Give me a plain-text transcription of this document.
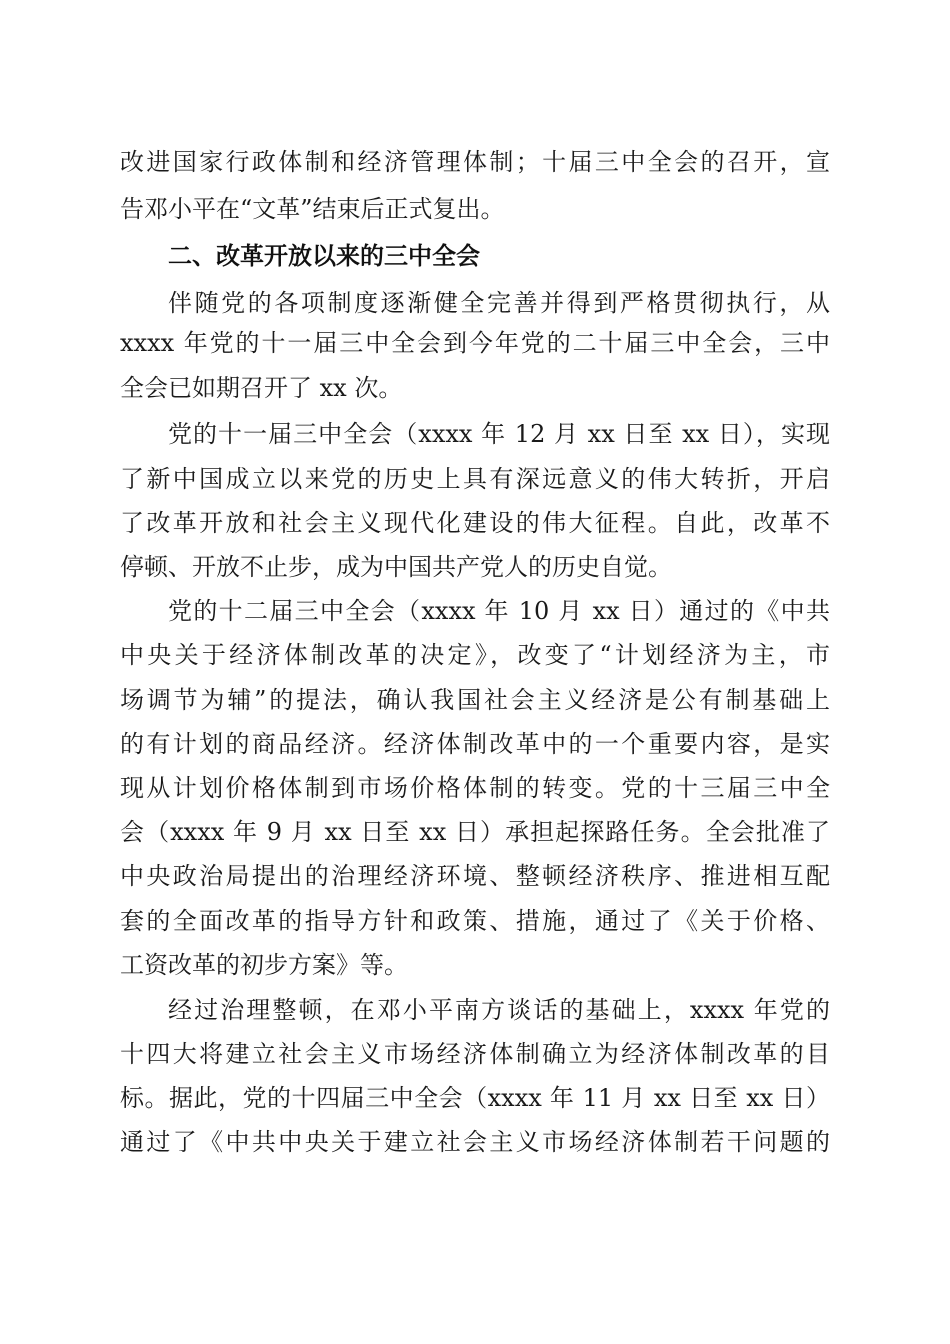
改进国家行政体制和经济管理体制；十届三中全会的召开，宣
告邓小平在“文革”结束后正式复出。
二、改革开放以来的三中全会
伴随党的各项制度逐渐健全完善并得到严格贯彻执行，从
xxxx 年党的十一届三中全会到今年党的二十届三中全会，三中
全会已如期召开了 xx 次。
党的十一届三中全会（xxxx 年 12 月 xx 日至 xx 日），实现
了新中国成立以来党的历史上具有深远意义的伟大转折，开启
了改革开放和社会主义现代化建设的伟大征程。自此，改革不
停顿、开放不止步，成为中国共产党人的历史自觉。
党的十二届三中全会（xxxx 年 10 月 xx 日）通过的《中共
中央关于经济体制改革的决定》，改变了“计划经济为主，市
场调节为辅”的提法，确认我国社会主义经济是公有制基础上
的有计划的商品经济。经济体制改革中的一个重要内容，是实
现从计划价格体制到市场价格体制的转变。党的十三届三中全
会（xxxx 年 9 月 xx 日至 xx 日）承担起探路任务。全会批准了
中央政治局提出的治理经济环境、整顿经济秩序、推进相互配
套的全面改革的指导方针和政策、措施，通过了《关于价格、
工资改革的初步方案》等。
经过治理整顿，在邓小平南方谈话的基础上，xxxx 年党的
十四大将建立社会主义市场经济体制确立为经济体制改革的目
标。据此，党的十四届三中全会（xxxx 年 11 月 xx 日至 xx 日）
通过了《中共中央关于建立社会主义市场经济体制若干问题的
